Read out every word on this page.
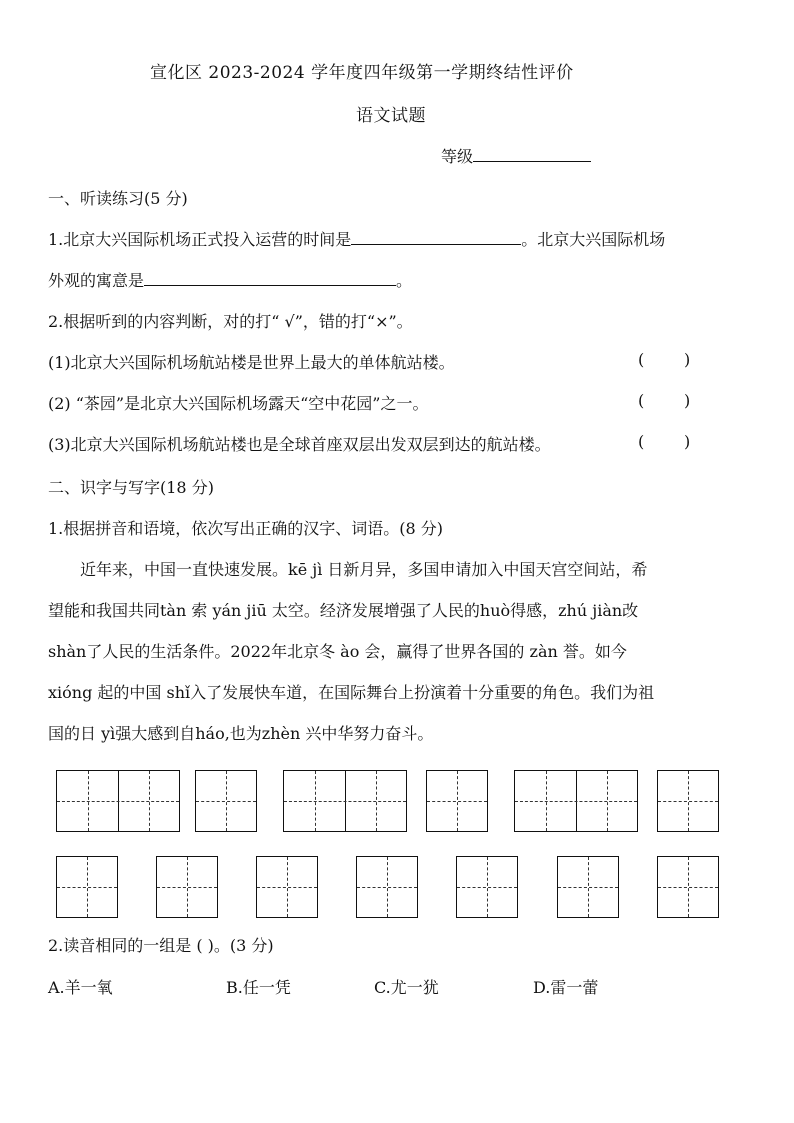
宣化区 2023-2024 学年度四年级第一学期终结性评价
语文试题
等级
一、听读练习(5 分)
1.北京大兴国际机场正式投入运营的时间是	。北京大兴国际机场
外观的寓意是	。
2.根据听到的内容判断，对的打“ √”，错的打“×”。
(1)北京大兴国际机场航站楼是世界上最大的单体航站楼。	( )
(2) “茶园”是北京大兴国际机场露天“空中花园”之一。	( )
(3)北京大兴国际机场航站楼也是全球首座双层出发双层到达的航站楼。	( )
二、识字与写字(18 分)
1.根据拼音和语境，依次写出正确的汉字、词语。(8 分)
近年来，中国一直快速发展。kē jì 日新月异，多国申请加入中国天宫空间站，希
望能和我国共同tàn 索 yán jiū 太空。经济发展增强了人民的huò得感，zhú jiàn改
shàn了人民的生活条件。2022年北京冬 ào 会，赢得了世界各国的 zàn 誉。如今
xióng 起的中国 shǐ入了发展快车道，在国际舞台上扮演着十分重要的角色。我们为祖
国的日 yì强大感到自háo,也为zhèn 兴中华努力奋斗。
2.读音相同的一组是 ( )。(3 分)
A.羊一氧	B.任一凭	C.尤一犹	D.雷一蕾
